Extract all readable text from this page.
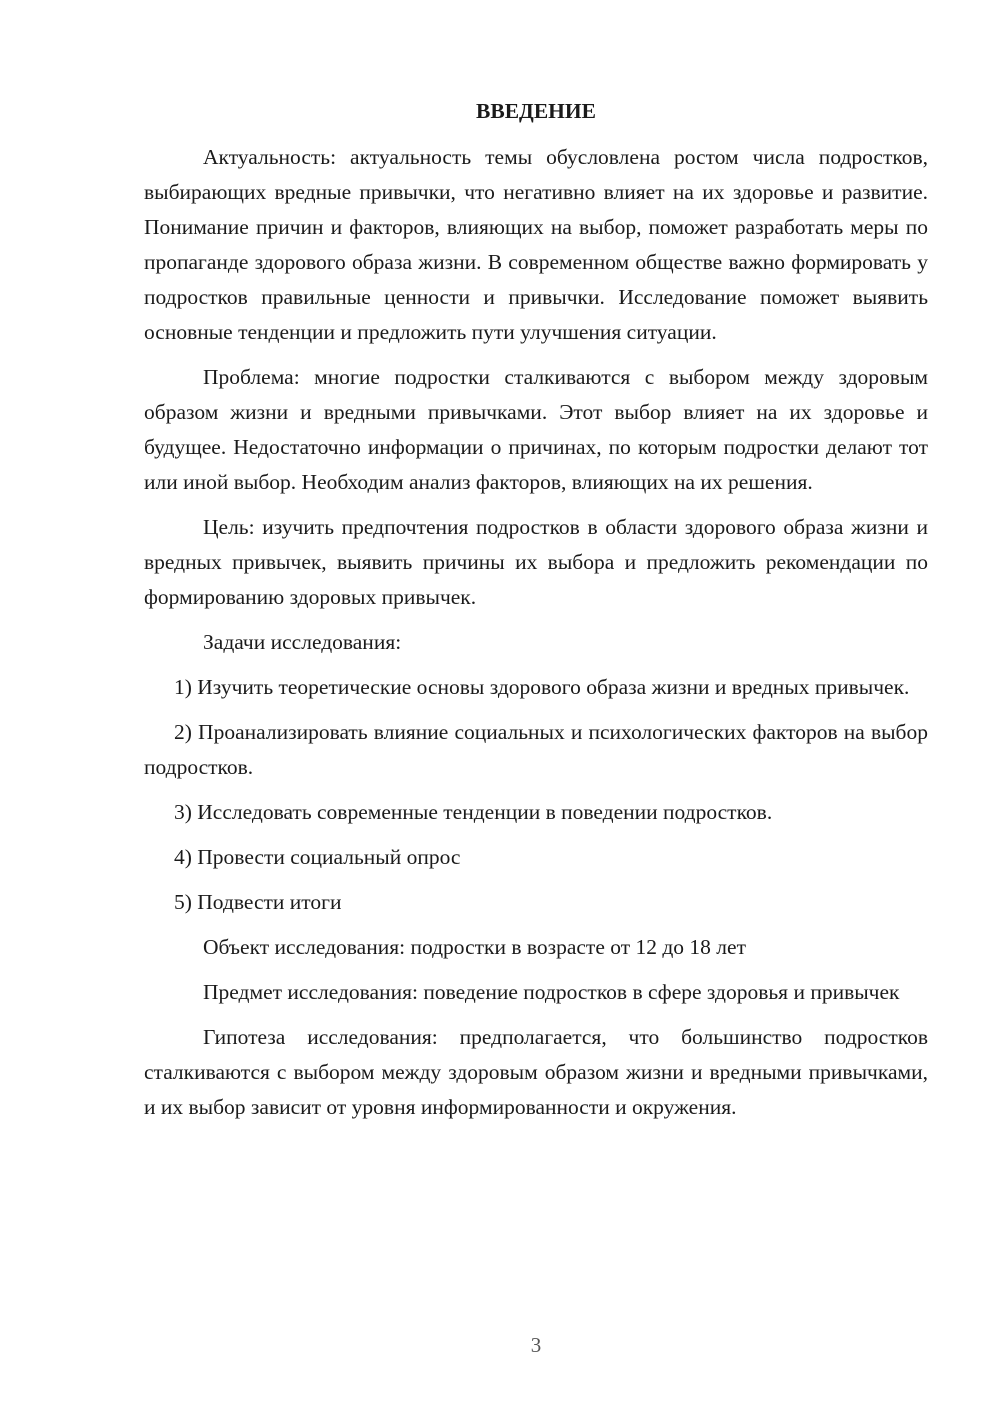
ВВЕДЕНИЕ

Актуальность: актуальность темы обусловлена ростом числа подростков, выбирающих вредные привычки, что негативно влияет на их здоровье и развитие. Понимание причин и факторов, влияющих на выбор, поможет разработать меры по пропаганде здорового образа жизни. В современном обществе важно формировать у подростков правильные ценности и привычки. Исследование поможет выявить основные тенденции и предложить пути улучшения ситуации.

Проблема: многие подростки сталкиваются с выбором между здоровым образом жизни и вредными привычками. Этот выбор влияет на их здоровье и будущее. Недостаточно информации о причинах, по которым подростки делают тот или иной выбор. Необходим анализ факторов, влияющих на их решения.

Цель: изучить предпочтения подростков в области здорового образа жизни и вредных привычек, выявить причины их выбора и предложить рекомендации по формированию здоровых привычек.

Задачи исследования:

1) Изучить теоретические основы здорового образа жизни и вредных привычек.

2) Проанализировать влияние социальных и психологических факторов на выбор подростков.

3) Исследовать современные тенденции в поведении подростков.

4) Провести социальный опрос

5) Подвести итоги

Объект исследования: подростки в возрасте от 12 до 18 лет

Предмет исследования: поведение подростков в сфере здоровья и привычек

Гипотеза исследования: предполагается, что большинство подростков сталкиваются с выбором между здоровым образом жизни и вредными привычками, и их выбор зависит от уровня информированности и окружения.

3
